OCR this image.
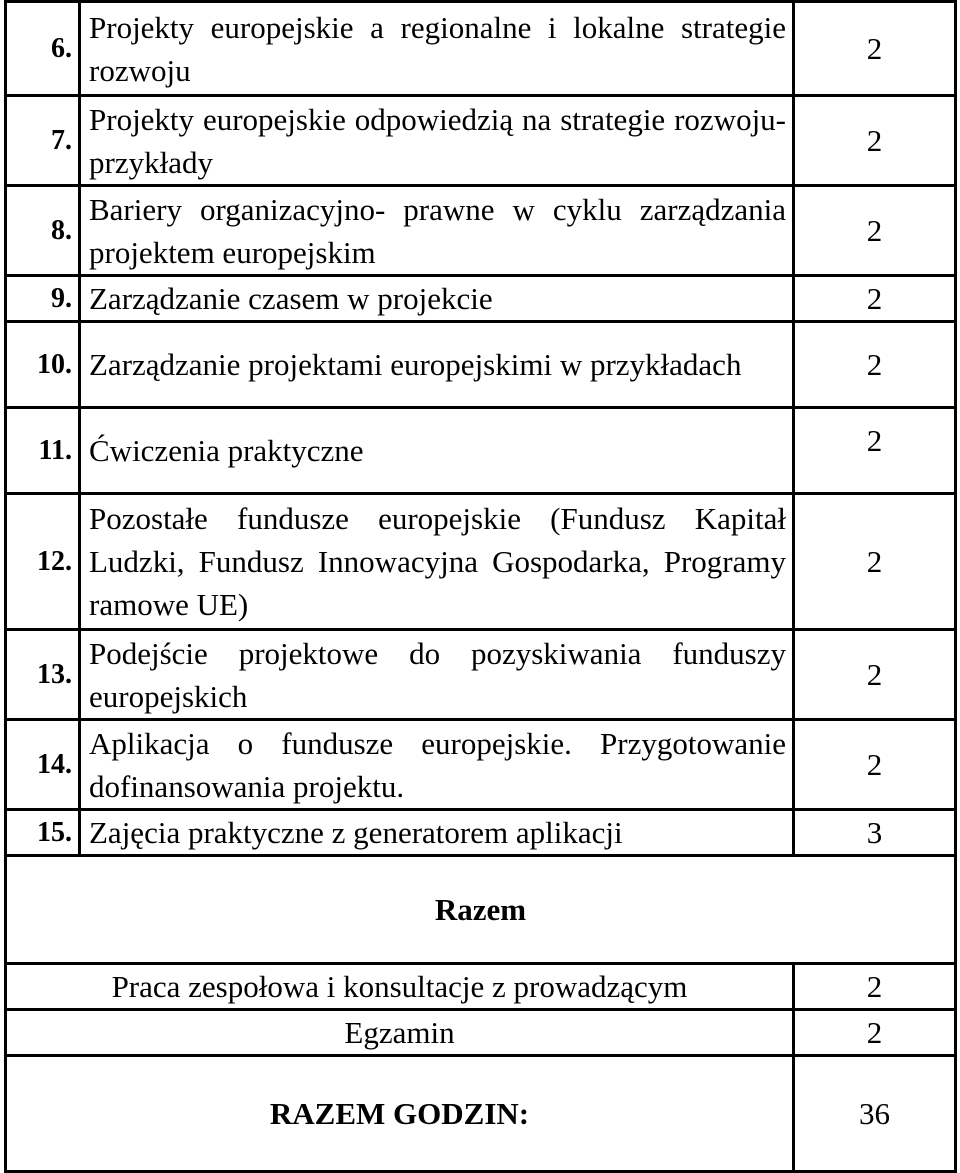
6.	Projekty europejskie a regionalne i lokalne strategie rozwoju	2
7.	Projekty europejskie odpowiedzią na strategie rozwoju- przykłady	2
8.	Bariery organizacyjno- prawne w cyklu zarządzania projektem europejskim	2
9.	Zarządzanie czasem w projekcie	2
10.	Zarządzanie projektami europejskimi w przykładach	2
11.	Ćwiczenia praktyczne	2
12.	Pozostałe fundusze europejskie (Fundusz Kapitał Ludzki, Fundusz Innowacyjna Gospodarka, Programy ramowe UE)	2
13.	Podejście projektowe do pozyskiwania funduszy europejskich	2
14.	Aplikacja o fundusze europejskie. Przygotowanie dofinansowania projektu.	2
15.	Zajęcia praktyczne z generatorem aplikacji	3
Razem		
Praca zespołowa i konsultacje z prowadzącym		2
Egzamin		2
RAZEM GODZIN:		36
